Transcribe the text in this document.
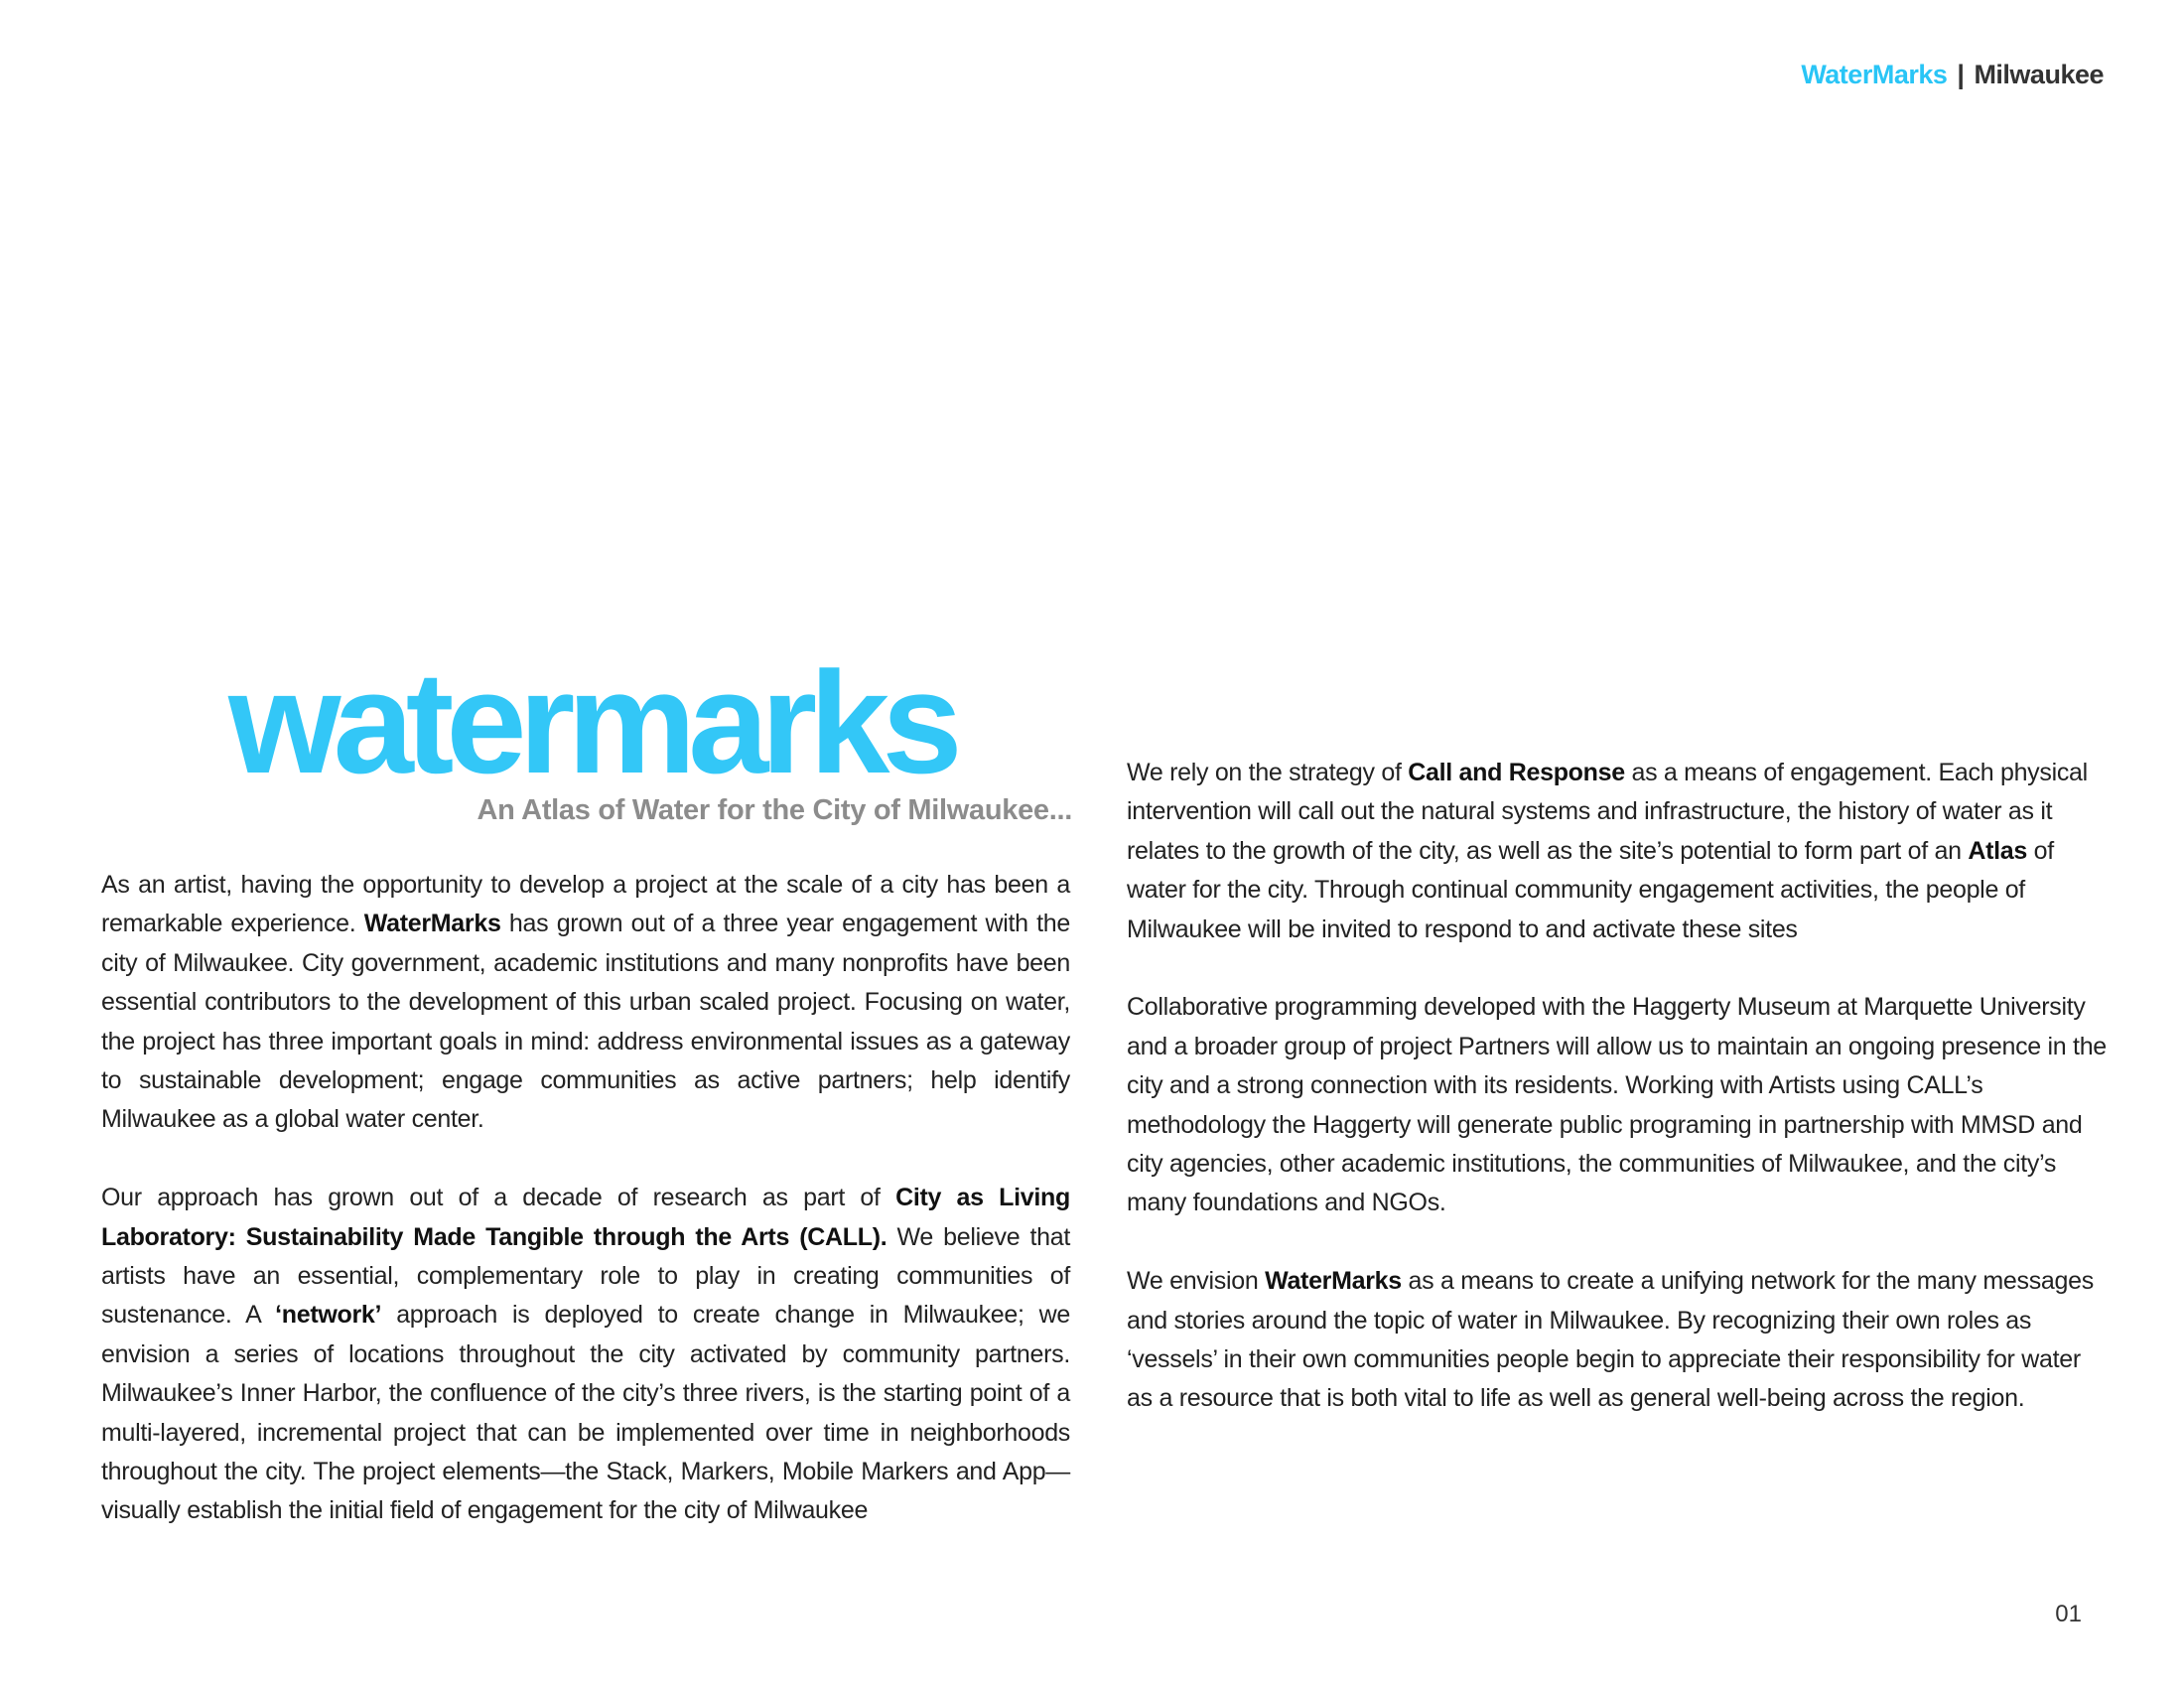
WaterMarks | Milwaukee
watermarks
An Atlas of Water for the City of Milwaukee...

As an artist, having the opportunity to develop a project at the scale of a city has been a remarkable experience. WaterMarks has grown out of a three year engagement with the city of Milwaukee. City government, academic institutions and many nonprofits have been essential contributors to the development of this urban scaled project. Focusing on water, the project has three important goals in mind: address environmental issues as a gateway to sustainable development; engage communities as active partners; help identify Milwaukee as a global water center.

Our approach has grown out of a decade of research as part of City as Living Laboratory: Sustainability Made Tangible through the Arts (CALL). We believe that artists have an essential, complementary role to play in creating communities of sustenance. A ‘network’ approach is deployed to create change in Milwaukee; we envision a series of locations throughout the city activated by community partners. Milwaukee’s Inner Harbor, the confluence of the city’s three rivers, is the starting point of a multi-layered, incremental project that can be implemented over time in neighborhoods throughout the city. The project elements—the Stack, Markers, Mobile Markers and App—visually establish the initial field of engagement for the city of Milwaukee

We rely on the strategy of Call and Response as a means of engagement. Each physical intervention will call out the natural systems and infrastructure, the history of water as it relates to the growth of the city, as well as the site’s potential to form part of an Atlas of water for the city. Through continual community engagement activities, the people of Milwaukee will be invited to respond to and activate these sites

Collaborative programming developed with the Haggerty Museum at Marquette University and a broader group of project Partners will allow us to maintain an ongoing presence in the city and a strong connection with its residents. Working with Artists using CALL’s methodology the Haggerty will generate public programing in partnership with MMSD and city agencies, other academic institutions, the communities of Milwaukee, and the city’s many foundations and NGOs.

We envision WaterMarks as a means to create a unifying network for the many messages and stories around the topic of water in Milwaukee. By recognizing their own roles as ‘vessels’ in their own communities people begin to appreciate their responsibility for water as a resource that is both vital to life as well as general well-being across the region.

01
